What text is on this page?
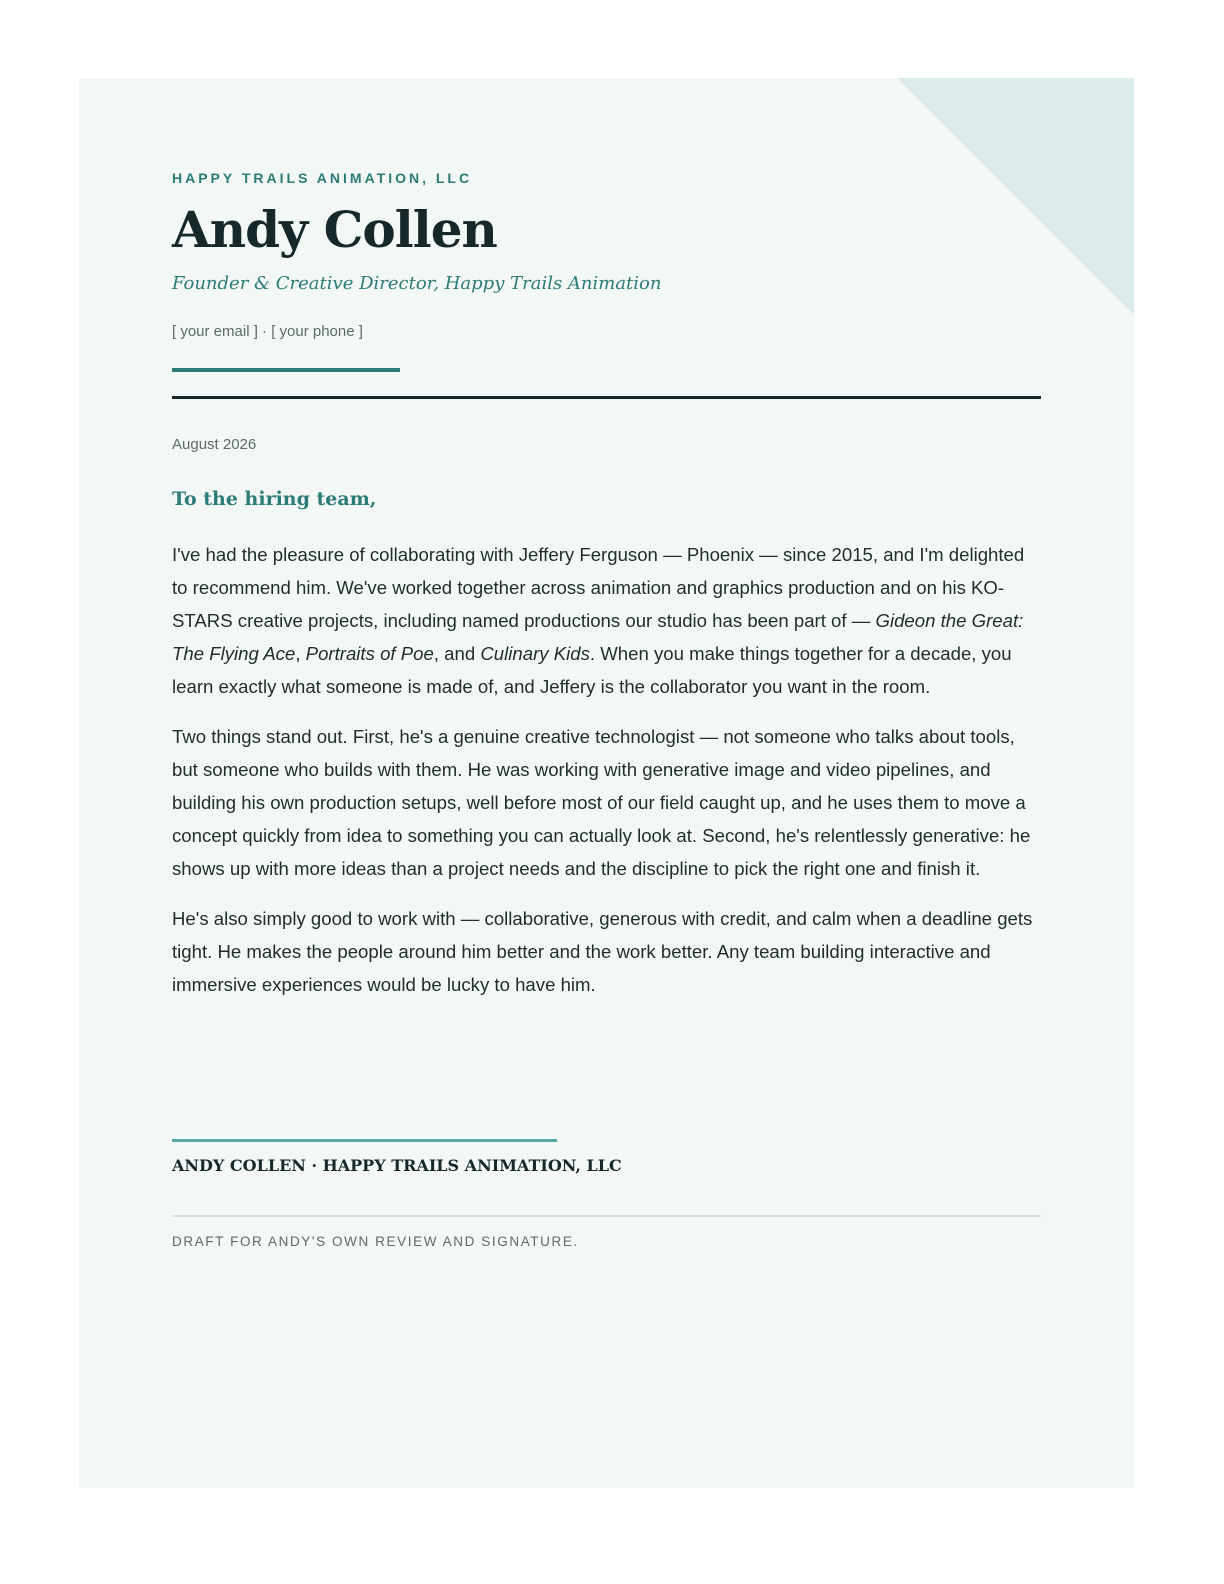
HAPPY TRAILS ANIMATION, LLC
Andy Collen
Founder & Creative Director, Happy Trails Animation
[ your email ] · [ your phone ]
August 2026
To the hiring team,

I've had the pleasure of collaborating with Jeffery Ferguson — Phoenix — since 2015, and I'm delighted to recommend him. We've worked together across animation and graphics production and on his KO-STARS creative projects, including named productions our studio has been part of — Gideon the Great: The Flying Ace, Portraits of Poe, and Culinary Kids. When you make things together for a decade, you learn exactly what someone is made of, and Jeffery is the collaborator you want in the room.

Two things stand out. First, he's a genuine creative technologist — not someone who talks about tools, but someone who builds with them. He was working with generative image and video pipelines, and building his own production setups, well before most of our field caught up, and he uses them to move a concept quickly from idea to something you can actually look at. Second, he's relentlessly generative: he shows up with more ideas than a project needs and the discipline to pick the right one and finish it.

He's also simply good to work with — collaborative, generous with credit, and calm when a deadline gets tight. He makes the people around him better and the work better. Any team building interactive and immersive experiences would be lucky to have him.

ANDY COLLEN · HAPPY TRAILS ANIMATION, LLC
DRAFT FOR ANDY'S OWN REVIEW AND SIGNATURE.
